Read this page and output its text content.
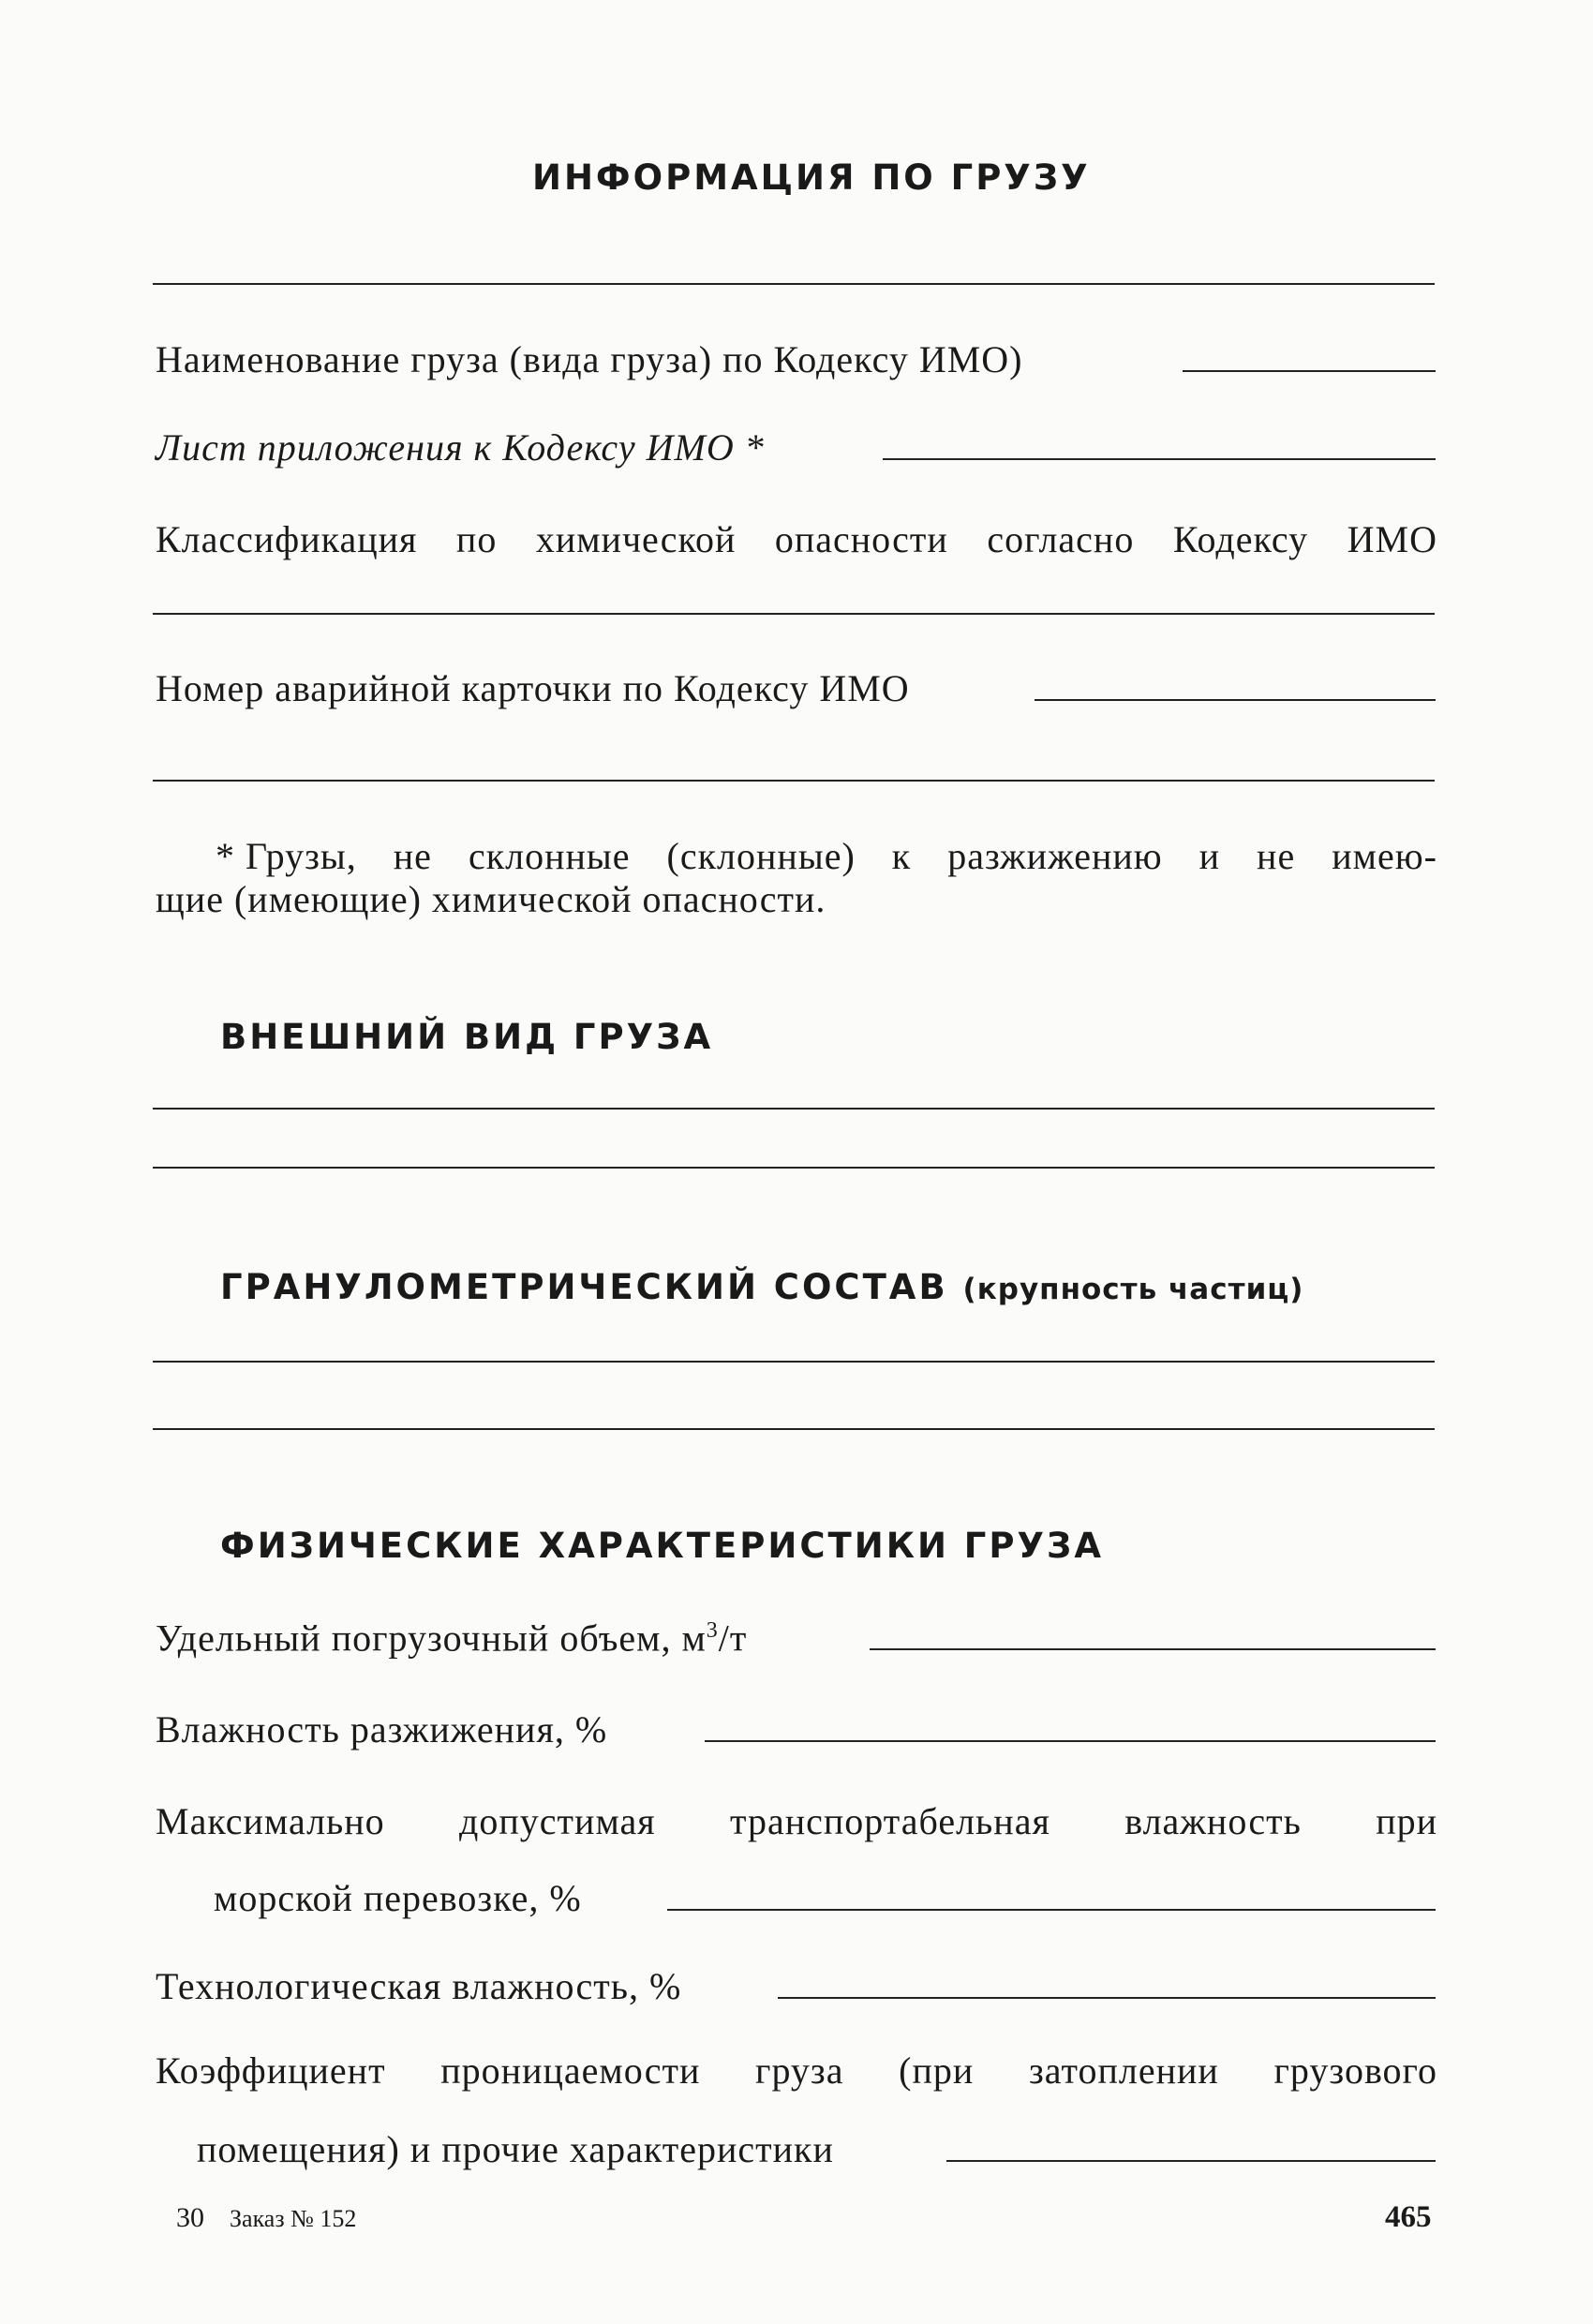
ИНФОРМАЦИЯ ПО ГРУЗУ
Наименование груза (вида груза) по Кодексу ИМО)
Лист приложения к Кодексу ИМО *
Классификация по химической опасности согласно Кодексу ИМО
Номер аварийной карточки по Кодексу ИМО
* Грузы, не склонные (склонные) к разжижению и не имею-
щие (имеющие) химической опасности.
ВНЕШНИЙ ВИД ГРУЗА
ГРАНУЛОМЕТРИЧЕСКИЙ СОСТАВ (крупность частиц)
ФИЗИЧЕСКИЕ ХАРАКТЕРИСТИКИ ГРУЗА
Удельный погрузочный объем, $м^3/т$
Влажность разжижения, %
Максимально допустимая транспортабельная влажность при
морской перевозке, %
Технологическая влажность, %
Коэффициент проницаемости груза (при затоплении грузового
помещения) и прочие характеристики
30 Заказ № 152	465
